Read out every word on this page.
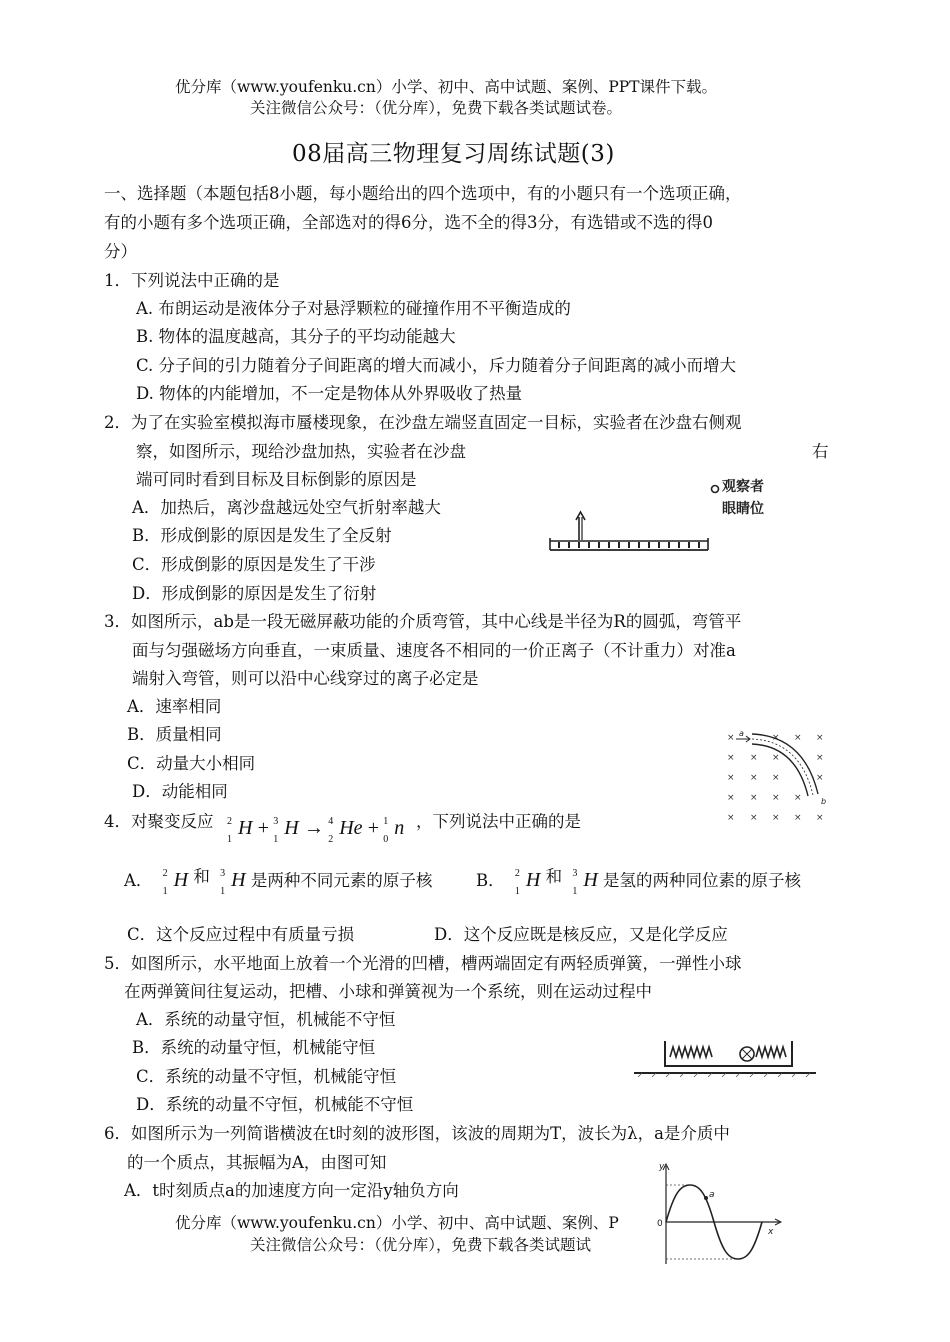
优分库（www.youfenku.cn）小学、初中、高中试题、案例、PPT课件下载。
关注微信公众号：（优分库），免费下载各类试题试卷。
08届高三物理复习周练试题(3)
一、选择题（本题包括8小题，每小题给出的四个选项中，有的小题只有一个选项正确，
有的小题有多个选项正确，全部选对的得6分，选不全的得3分，有选错或不选的得0
分）
1．下列说法中正确的是
A. 布朗运动是液体分子对悬浮颗粒的碰撞作用不平衡造成的
B. 物体的温度越高，其分子的平均动能越大
C. 分子间的引力随着分子间距离的增大而减小，斥力随着分子间距离的减小而增大
D. 物体的内能增加，不一定是物体从外界吸收了热量
2．为了在实验室模拟海市蜃楼现象，在沙盘左端竖直固定一目标，实验者在沙盘右侧观
察，如图所示，现给沙盘加热，实验者在沙盘	右
端可同时看到目标及目标倒影的原因是
A．加热后，离沙盘越远处空气折射率越大
B．形成倒影的原因是发生了全反射
C．形成倒影的原因是发生了干涉
D．形成倒影的原因是发生了衍射
观察者
眼睛位
3．如图所示，ab是一段无磁屏蔽功能的介质弯管，其中心线是半径为R的圆弧，弯管平
面与匀强磁场方向垂直，一束质量、速度各不相同的一价正离子（不计重力）对准a
端射入弯管，则可以沿中心线穿过的离子必定是
A．速率相同
B．质量相同
C．动量大小相同
D．动能相同
×	× × ×
× × ×	×
× × ×	×
× × × ×
× × × × ×
a
b
4．对聚变反应 2
1
H + 3
1
H → 4
2
He + 1
0
n ，下列说法中正确的是
A． 2
1
H 和 3
1
H 是两种不同元素的原子核	B． 2
1
H 和 3
1
H 是氢的两种同位素的原子核
C．这个反应过程中有质量亏损	D．这个反应既是核反应，又是化学反应
5．如图所示，水平地面上放着一个光滑的凹槽，槽两端固定有两轻质弹簧，一弹性小球
在两弹簧间往复运动，把槽、小球和弹簧视为一个系统，则在运动过程中
A．系统的动量守恒，机械能不守恒
B．系统的动量守恒，机械能守恒
C．系统的动量不守恒，机械能守恒
D．系统的动量不守恒，机械能不守恒
6．如图所示为一列简谐横波在t时刻的波形图，该波的周期为T，波长为λ，a是介质中
的一个质点，其振幅为A，由图可知
A．t时刻质点a的加速度方向一定沿y轴负方向
y
x
0
a
优分库（www.youfenku.cn）小学、初中、高中试题、案例、P
关注微信公众号：（优分库），免费下载各类试题试
